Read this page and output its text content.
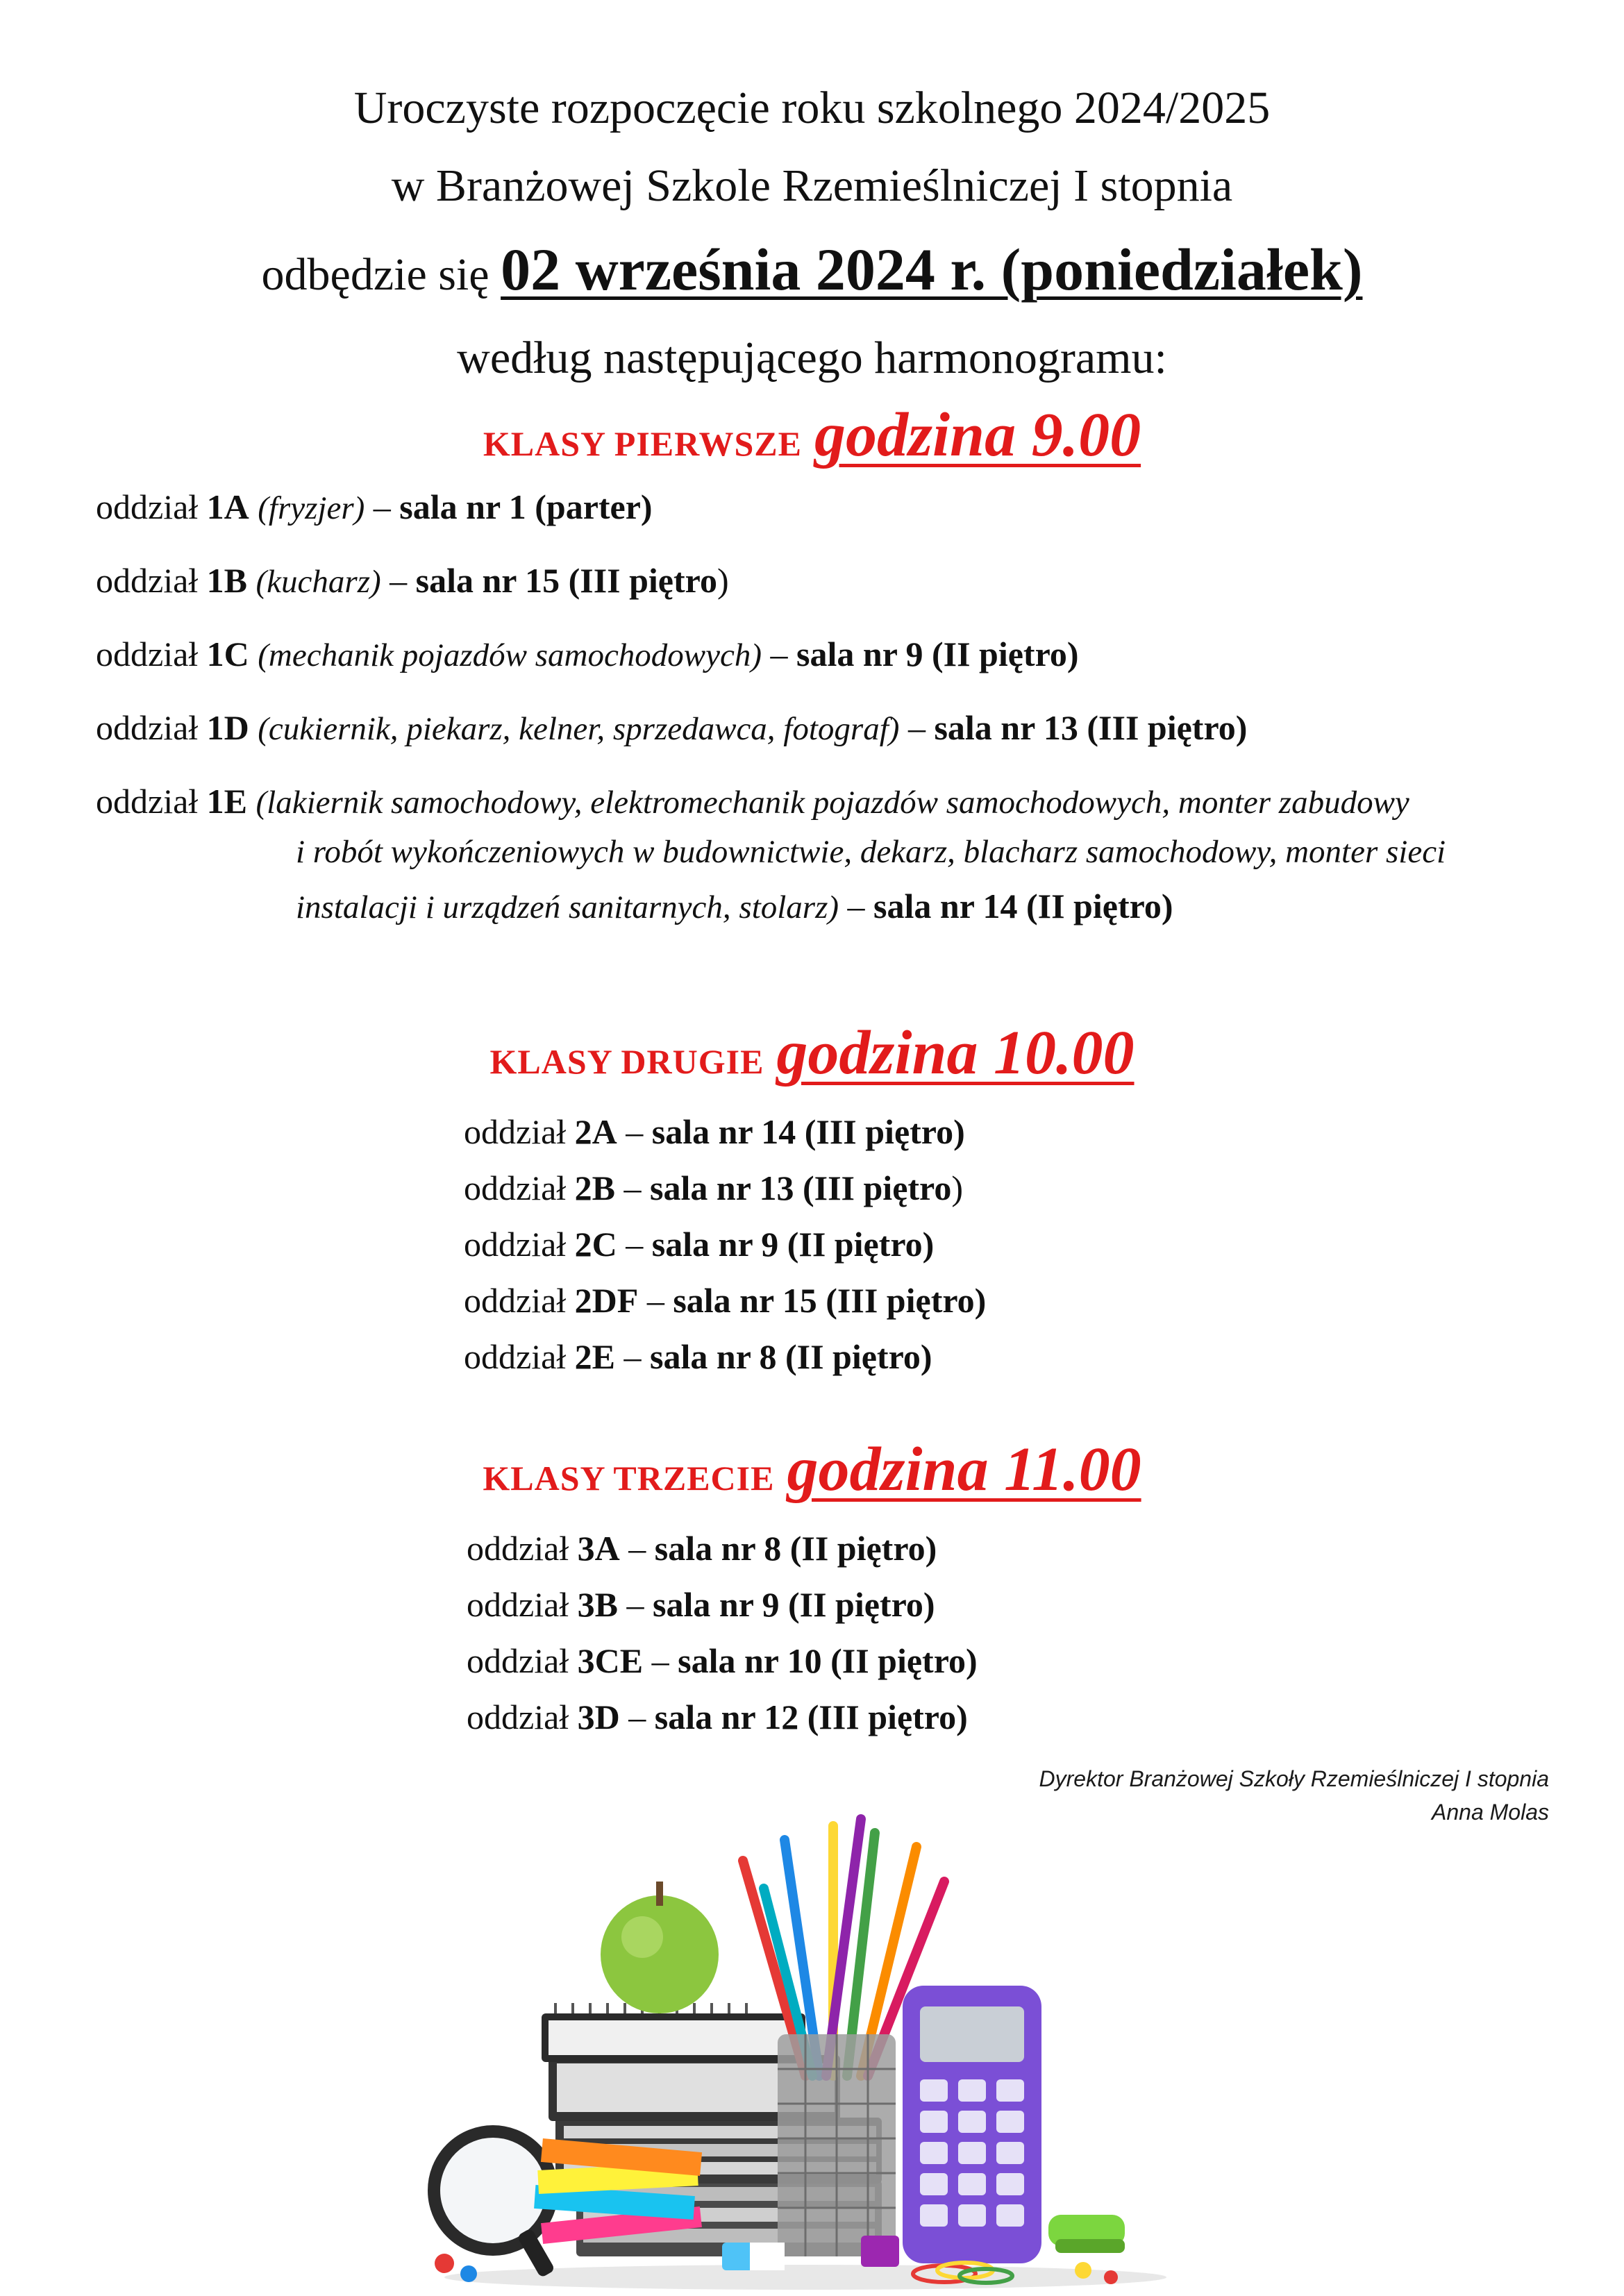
Uroczyste rozpoczęcie roku szkolnego 2024/2025
w Branżowej Szkole Rzemieślniczej I stopnia
odbędzie się 02 września 2024 r. (poniedziałek)
według następującego harmonogramu:
KLASY PIERWSZE godzina 9.00
oddział 1A (fryzjer) – sala nr 1 (parter)
oddział 1B (kucharz) – sala nr 15 (III piętro)
oddział 1C (mechanik pojazdów samochodowych) – sala nr 9 (II piętro)
oddział 1D (cukiernik, piekarz, kelner, sprzedawca, fotograf) – sala nr 13 (III piętro)
oddział 1E (lakiernik samochodowy, elektromechanik pojazdów samochodowych, monter zabudowy
i robót wykończeniowych w budownictwie, dekarz, blacharz samochodowy, monter sieci
instalacji i urządzeń sanitarnych, stolarz) – sala nr 14 (II piętro)
KLASY DRUGIE godzina 10.00
oddział 2A – sala nr 14 (III piętro)
oddział 2B – sala nr 13 (III piętro)
oddział 2C – sala nr 9 (II piętro)
oddział 2DF – sala nr 15 (III piętro)
oddział 2E – sala nr 8 (II piętro)
KLASY TRZECIE godzina 11.00
oddział 3A – sala nr 8 (II piętro)
oddział 3B – sala nr 9 (II piętro)
oddział 3CE – sala nr 10 (II piętro)
oddział 3D – sala nr 12 (III piętro)
Dyrektor Branżowej Szkoły Rzemieślniczej I stopnia
Anna Molas
